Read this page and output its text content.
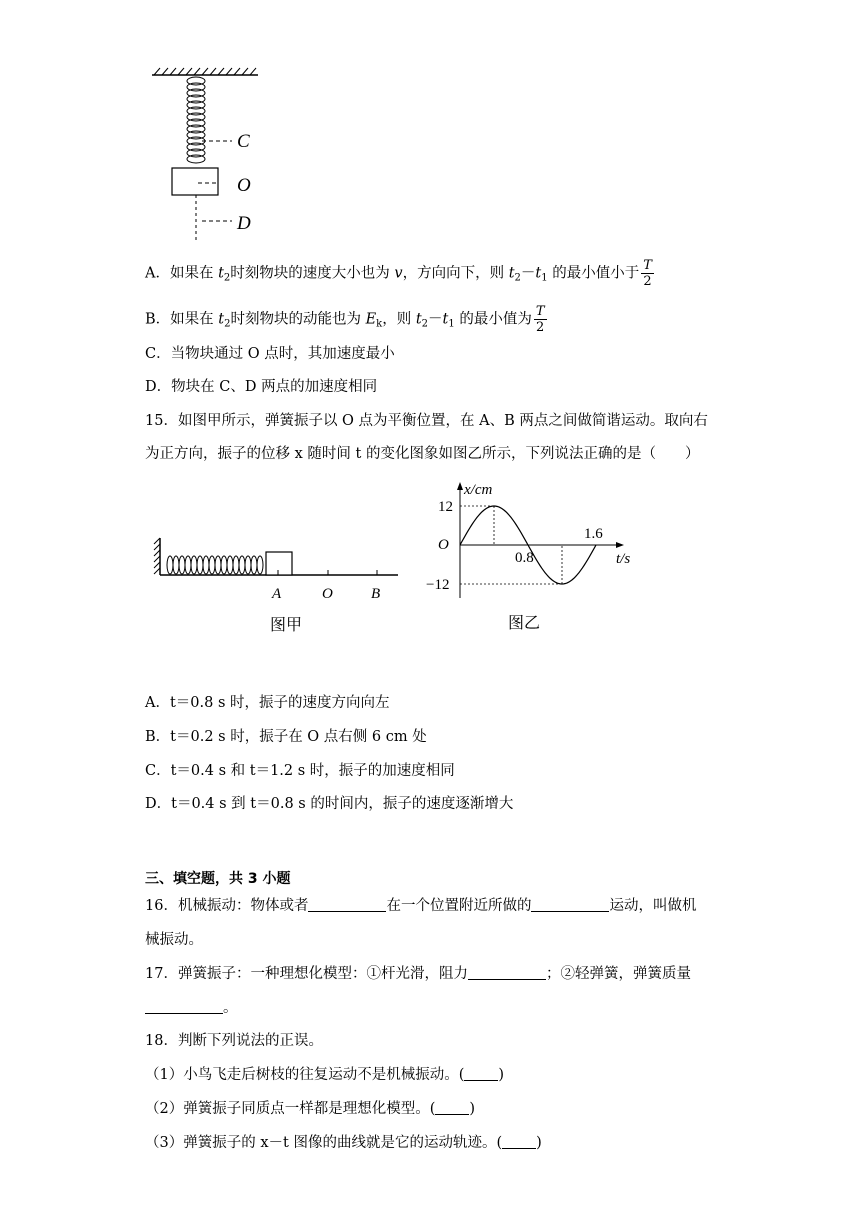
C
O
D
A．如果在 $t_2$时刻物块的速度大小也为 v，方向向下，则 $t_2-t_1$ 的最小值小于 $\frac{T}{2}$
B．如果在 $t_2$时刻物块的动能也为 $E_k$，则 $t_2-t_1$ 的最小值为 $\frac{T}{2}$
C．当物块通过 O 点时，其加速度最小
D．物块在 C、D 两点的加速度相同
15．如图甲所示，弹簧振子以 O 点为平衡位置，在 A、B 两点之间做简谐运动。取向右
为正方向，振子的位移 x 随时间 t 的变化图象如图乙所示，下列说法正确的是（　　）
A	O	B
图甲
12
−12
O
0.8
1.6
x/cm
t/s
图乙
A．t＝0.8 s 时，振子的速度方向向左
B．t＝0.2 s 时，振子在 O 点右侧 6 cm 处
C．t＝0.4 s 和 t＝1.2 s 时，振子的加速度相同
D．t＝0.4 s 到 t＝0.8 s 的时间内，振子的速度逐渐增大
三、填空题，共 3 小题
16．机械振动：物体或者	在一个位置附近所做的	运动，叫做机
械振动。
17．弹簧振子：一种理想化模型：①杆光滑，阻力	；②轻弹簧，弹簧质量
。
18．判断下列说法的正误。
（1）小鸟飞走后树枝的往复运动不是机械振动。( )
（2）弹簧振子同质点一样都是理想化模型。( )
（3）弹簧振子的 x－t 图像的曲线就是它的运动轨迹。( )
